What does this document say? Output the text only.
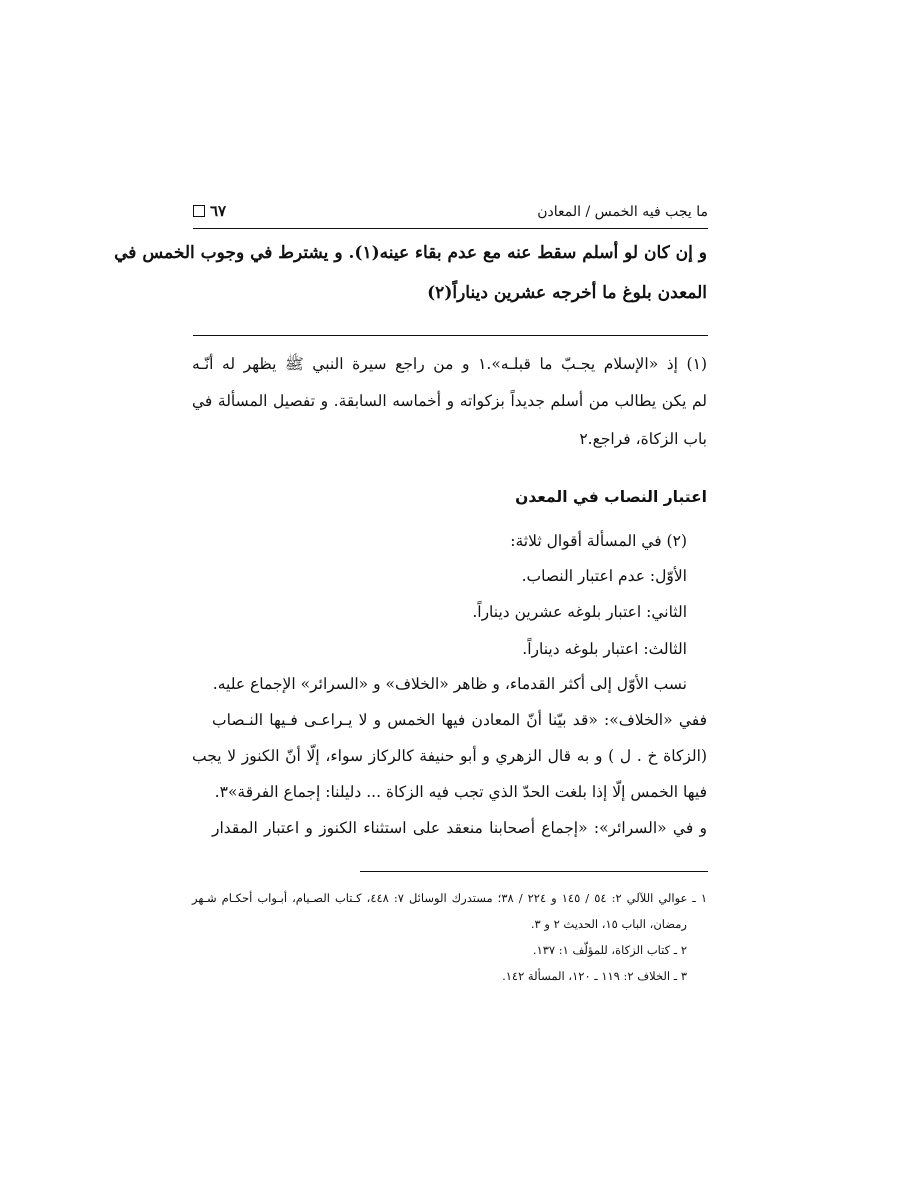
ما يجب فيه الخمس / المعادن
٦٧
و إن كان لو أسلم سقط عنه مع عدم بقاء عينه(١). و يشترط في وجوب الخمس في
المعدن بلوغ ما أخرجه عشرين ديناراً(٢)
(١) إذ «الإسلام يجـبّ ما قبلـه».١ و من راجع سيرة النبي ﷺ يظهر له أنّـه
لم يكن يطالب من أسلم جديداً بزكواته و أخماسه السابقة. و تفصيل المسألة في
باب الزكاة، فراجع.٢
اعتبار النصاب في المعدن
(٢) في المسألة أقوال ثلاثة:
الأوّل: عدم اعتبار النصاب.
الثاني: اعتبار بلوغه عشرين ديناراً.
الثالث: اعتبار بلوغه ديناراً.
نسب الأوّل إلى أكثر القدماء، و ظاهر «الخلاف» و «السرائر» الإجماع عليه.
ففي «الخلاف»: «قد بيّنا أنّ المعادن فيها الخمس و لا يـراعـى فـيها النـصاب
(الزكاة خ . ل ) و به قال الزهري و أبو حنيفة كالركاز سواء، إلّا أنّ الكنوز لا يجب
فيها الخمس إلّا إذا بلغت الحدّ الذي تجب فيه الزكاة ... دليلنا: إجماع الفرقة»٣.
و في «السرائر»: «إجماع أصحابنا منعقد على استثناء الكنوز و اعتبار المقدار
١ ـ عوالي اللآلي ٢: ٥٤ / ١٤٥ و ٢٢٤ / ٣٨؛ مستدرك الوسائل ٧: ٤٤٨، كـتاب الصـيام، أبـواب أحكـام شـهر
رمضان، الباب ١٥، الحديث ٢ و ٣.
٢ ـ كتاب الزكاة، للمؤلّف ١: ١٣٧.
٣ ـ الخلاف ٢: ١١٩ ـ ١٢٠، المسألة ١٤٢.
